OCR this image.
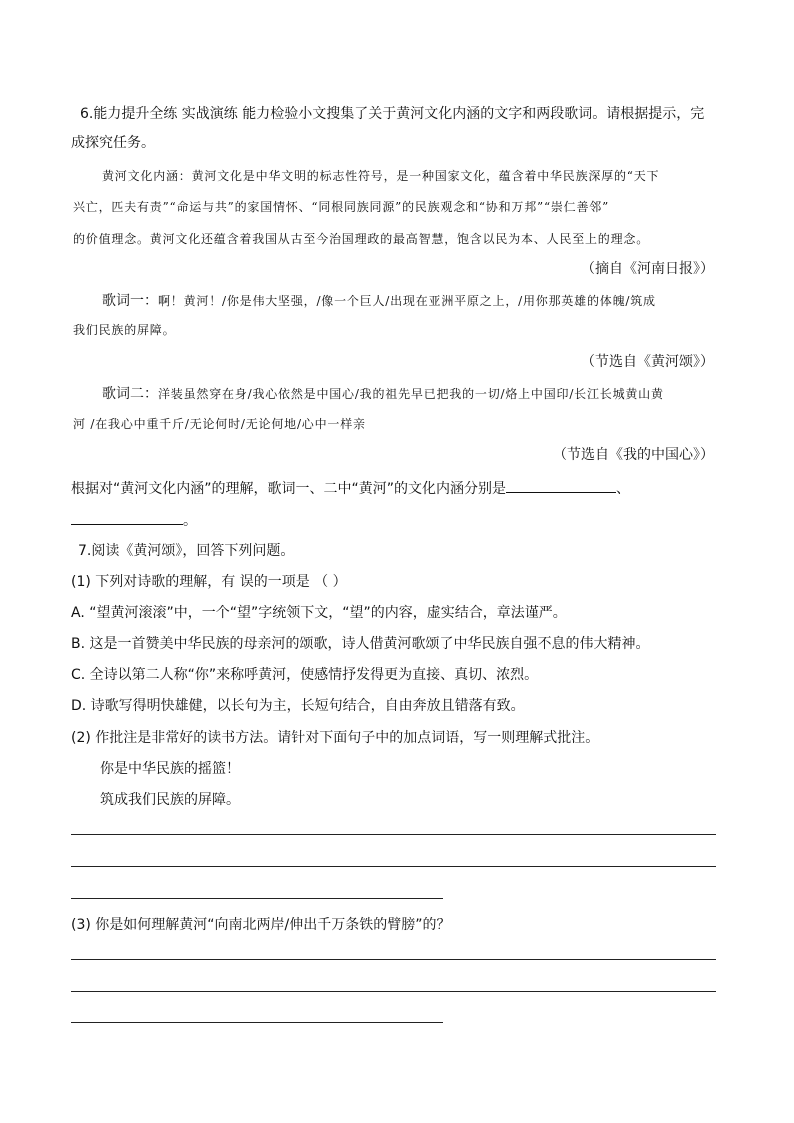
6.能力提升全练 实战演练 能力检验小文搜集了关于黄河文化内涵的文字和两段歌词。请根据提示，完
成探究任务。
黄河文化内涵：黄河文化是中华文明的标志性符号，是一种国家文化，蕴含着中华民族深厚的“天下
兴亡，匹夫有责”“命运与共”的家国情怀、“同根同族同源”的民族观念和“协和万邦”“崇仁善邻”
的价值理念。黄河文化还蕴含着我国从古至今治国理政的最高智慧，饱含以民为本、人民至上的理念。
（摘自《河南日报》）
歌词一：啊！黄河！/你是伟大坚强，/像一个巨人/出现在亚洲平原之上，/用你那英雄的体魄/筑成
我们民族的屏障。
（节选自《黄河颂》）
歌词二：洋装虽然穿在身/我心依然是中国心/我的祖先早已把我的一切/烙上中国印/长江长城黄山黄
河 /在我心中重千斤/无论何时/无论何地/心中一样亲
（节选自《我的中国心》）
根据对“黄河文化内涵”的理解，歌词一、二中“黄河”的文化内涵分别是	、
。
7.阅读《黄河颂》，回答下列问题。
(1) 下列对诗歌的理解，有 误的一项是 （ ）
A. “望黄河滚滚”中，一个“望”字统领下文，“望”的内容，虚实结合，章法谨严。
B. 这是一首赞美中华民族的母亲河的颂歌，诗人借黄河歌颂了中华民族自强不息的伟大精神。
C. 全诗以第二人称“你”来称呼黄河，使感情抒发得更为直接、真切、浓烈。
D. 诗歌写得明快雄健，以长句为主，长短句结合，自由奔放且错落有致。
(2) 作批注是非常好的读书方法。请针对下面句子中的加点词语，写一则理解式批注。
你是中华民族的摇篮！
筑成我们民族的屏障。
(3) 你是如何理解黄河“向南北两岸/伸出千万条铁的臂膀”的？
